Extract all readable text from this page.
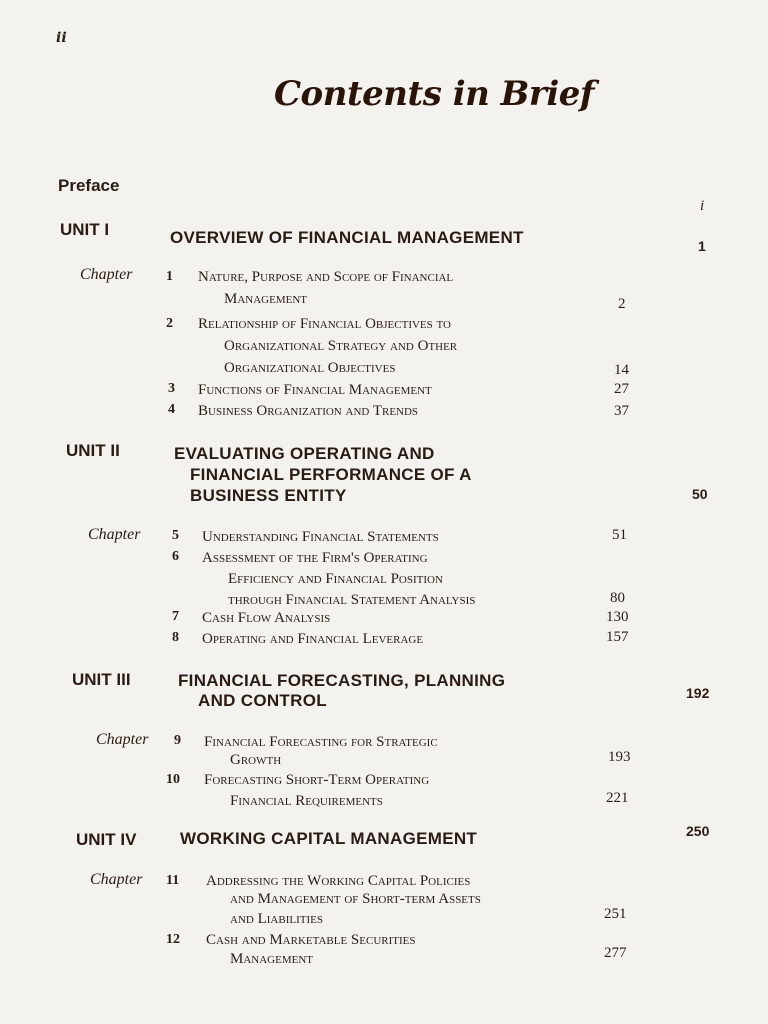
ii
Contents in Brief
Preface
i
UNIT I	OVERVIEW OF FINANCIAL MANAGEMENT	1
Chapter 1 Nature, Purpose and Scope of Financial
Management	2
2 Relationship of Financial Objectives to
Organizational Strategy and Other
Organizational Objectives	14
3 Functions of Financial Management	27
4 Business Organization and Trends	37
UNIT II	EVALUATING OPERATING AND
FINANCIAL PERFORMANCE OF A
BUSINESS ENTITY	50
Chapter 5 Understanding Financial Statements	51
6 Assessment of the Firm's Operating
Efficiency and Financial Position
through Financial Statement Analysis	80
7 Cash Flow Analysis	130
8 Operating and Financial Leverage	157
UNIT III	FINANCIAL FORECASTING, PLANNING
AND CONTROL	192
Chapter 9 Financial Forecasting for Strategic
Growth	193
10 Forecasting Short-Term Operating
Financial Requirements	221
UNIT IV	WORKING CAPITAL MANAGEMENT	250
Chapter 11 Addressing the Working Capital Policies
and Management of Short-term Assets
and Liabilities	251
12 Cash and Marketable Securities
Management	277
